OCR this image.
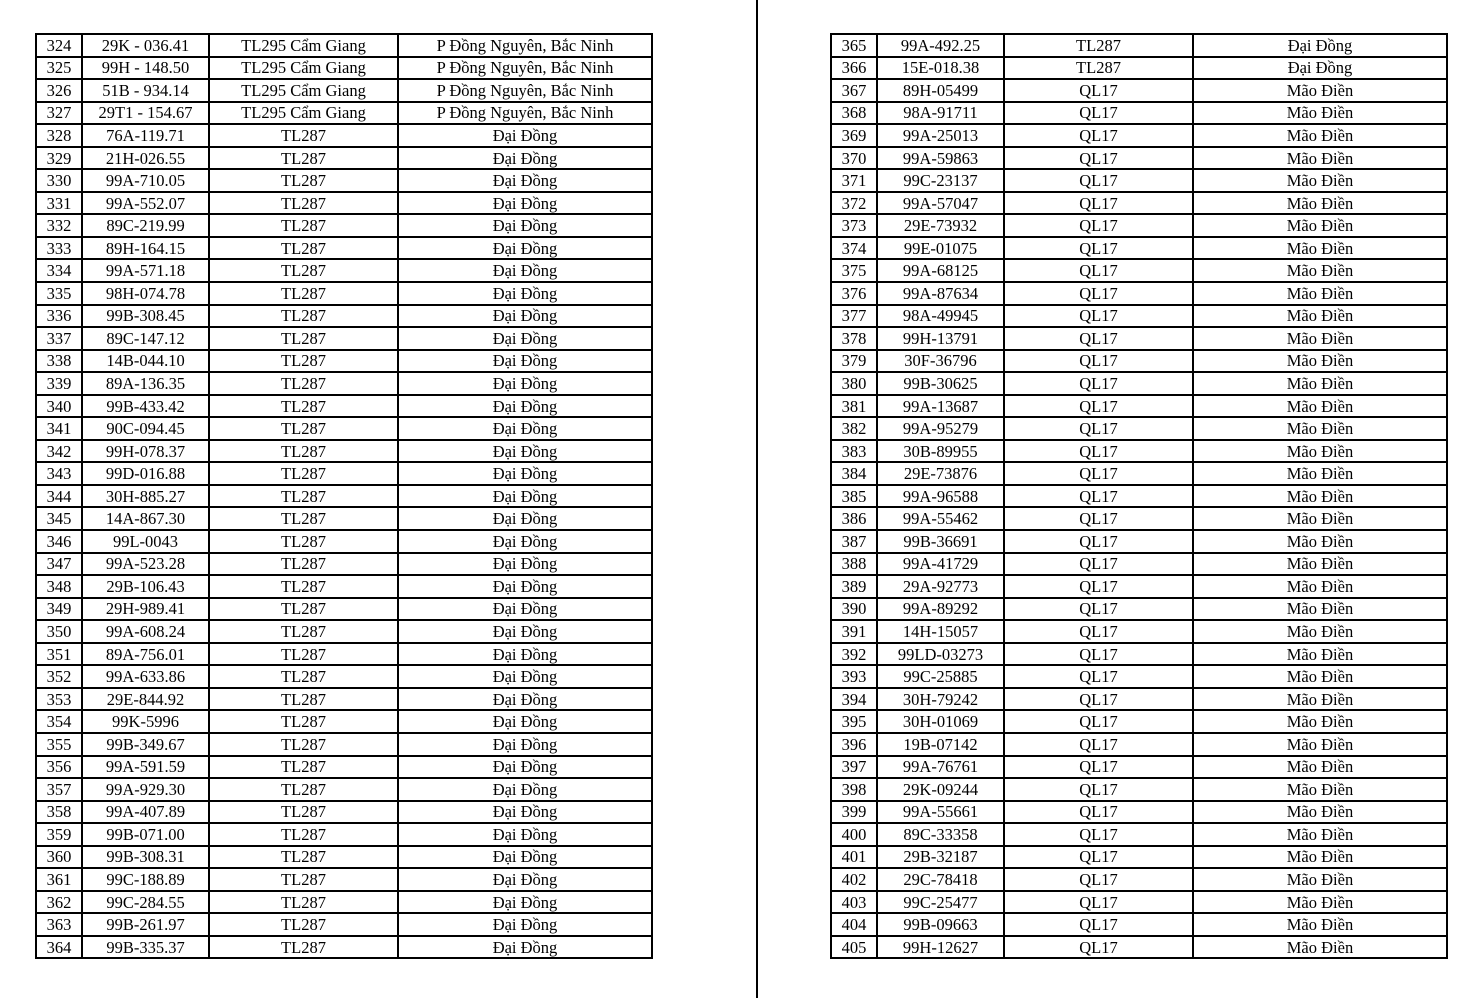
324	29K - 036.41	TL295 Cẩm Giang	P Đồng Nguyên, Bắc Ninh
325	99H - 148.50	TL295 Cẩm Giang	P Đồng Nguyên, Bắc Ninh
326	51B - 934.14	TL295 Cẩm Giang	P Đồng Nguyên, Bắc Ninh
327	29T1 - 154.67	TL295 Cẩm Giang	P Đồng Nguyên, Bắc Ninh
328	76A-119.71	TL287	Đại Đồng
329	21H-026.55	TL287	Đại Đồng
330	99A-710.05	TL287	Đại Đồng
331	99A-552.07	TL287	Đại Đồng
332	89C-219.99	TL287	Đại Đồng
333	89H-164.15	TL287	Đại Đồng
334	99A-571.18	TL287	Đại Đồng
335	98H-074.78	TL287	Đại Đồng
336	99B-308.45	TL287	Đại Đồng
337	89C-147.12	TL287	Đại Đồng
338	14B-044.10	TL287	Đại Đồng
339	89A-136.35	TL287	Đại Đồng
340	99B-433.42	TL287	Đại Đồng
341	90C-094.45	TL287	Đại Đồng
342	99H-078.37	TL287	Đại Đồng
343	99D-016.88	TL287	Đại Đồng
344	30H-885.27	TL287	Đại Đồng
345	14A-867.30	TL287	Đại Đồng
346	99L-0043	TL287	Đại Đồng
347	99A-523.28	TL287	Đại Đồng
348	29B-106.43	TL287	Đại Đồng
349	29H-989.41	TL287	Đại Đồng
350	99A-608.24	TL287	Đại Đồng
351	89A-756.01	TL287	Đại Đồng
352	99A-633.86	TL287	Đại Đồng
353	29E-844.92	TL287	Đại Đồng
354	99K-5996	TL287	Đại Đồng
355	99B-349.67	TL287	Đại Đồng
356	99A-591.59	TL287	Đại Đồng
357	99A-929.30	TL287	Đại Đồng
358	99A-407.89	TL287	Đại Đồng
359	99B-071.00	TL287	Đại Đồng
360	99B-308.31	TL287	Đại Đồng
361	99C-188.89	TL287	Đại Đồng
362	99C-284.55	TL287	Đại Đồng
363	99B-261.97	TL287	Đại Đồng
364	99B-335.37	TL287	Đại Đồng
365	99A-492.25	TL287	Đại Đồng
366	15E-018.38	TL287	Đại Đồng
367	89H-05499	QL17	Mão Điền
368	98A-91711	QL17	Mão Điền
369	99A-25013	QL17	Mão Điền
370	99A-59863	QL17	Mão Điền
371	99C-23137	QL17	Mão Điền
372	99A-57047	QL17	Mão Điền
373	29E-73932	QL17	Mão Điền
374	99E-01075	QL17	Mão Điền
375	99A-68125	QL17	Mão Điền
376	99A-87634	QL17	Mão Điền
377	98A-49945	QL17	Mão Điền
378	99H-13791	QL17	Mão Điền
379	30F-36796	QL17	Mão Điền
380	99B-30625	QL17	Mão Điền
381	99A-13687	QL17	Mão Điền
382	99A-95279	QL17	Mão Điền
383	30B-89955	QL17	Mão Điền
384	29E-73876	QL17	Mão Điền
385	99A-96588	QL17	Mão Điền
386	99A-55462	QL17	Mão Điền
387	99B-36691	QL17	Mão Điền
388	99A-41729	QL17	Mão Điền
389	29A-92773	QL17	Mão Điền
390	99A-89292	QL17	Mão Điền
391	14H-15057	QL17	Mão Điền
392	99LD-03273	QL17	Mão Điền
393	99C-25885	QL17	Mão Điền
394	30H-79242	QL17	Mão Điền
395	30H-01069	QL17	Mão Điền
396	19B-07142	QL17	Mão Điền
397	99A-76761	QL17	Mão Điền
398	29K-09244	QL17	Mão Điền
399	99A-55661	QL17	Mão Điền
400	89C-33358	QL17	Mão Điền
401	29B-32187	QL17	Mão Điền
402	29C-78418	QL17	Mão Điền
403	99C-25477	QL17	Mão Điền
404	99B-09663	QL17	Mão Điền
405	99H-12627	QL17	Mão Điền
